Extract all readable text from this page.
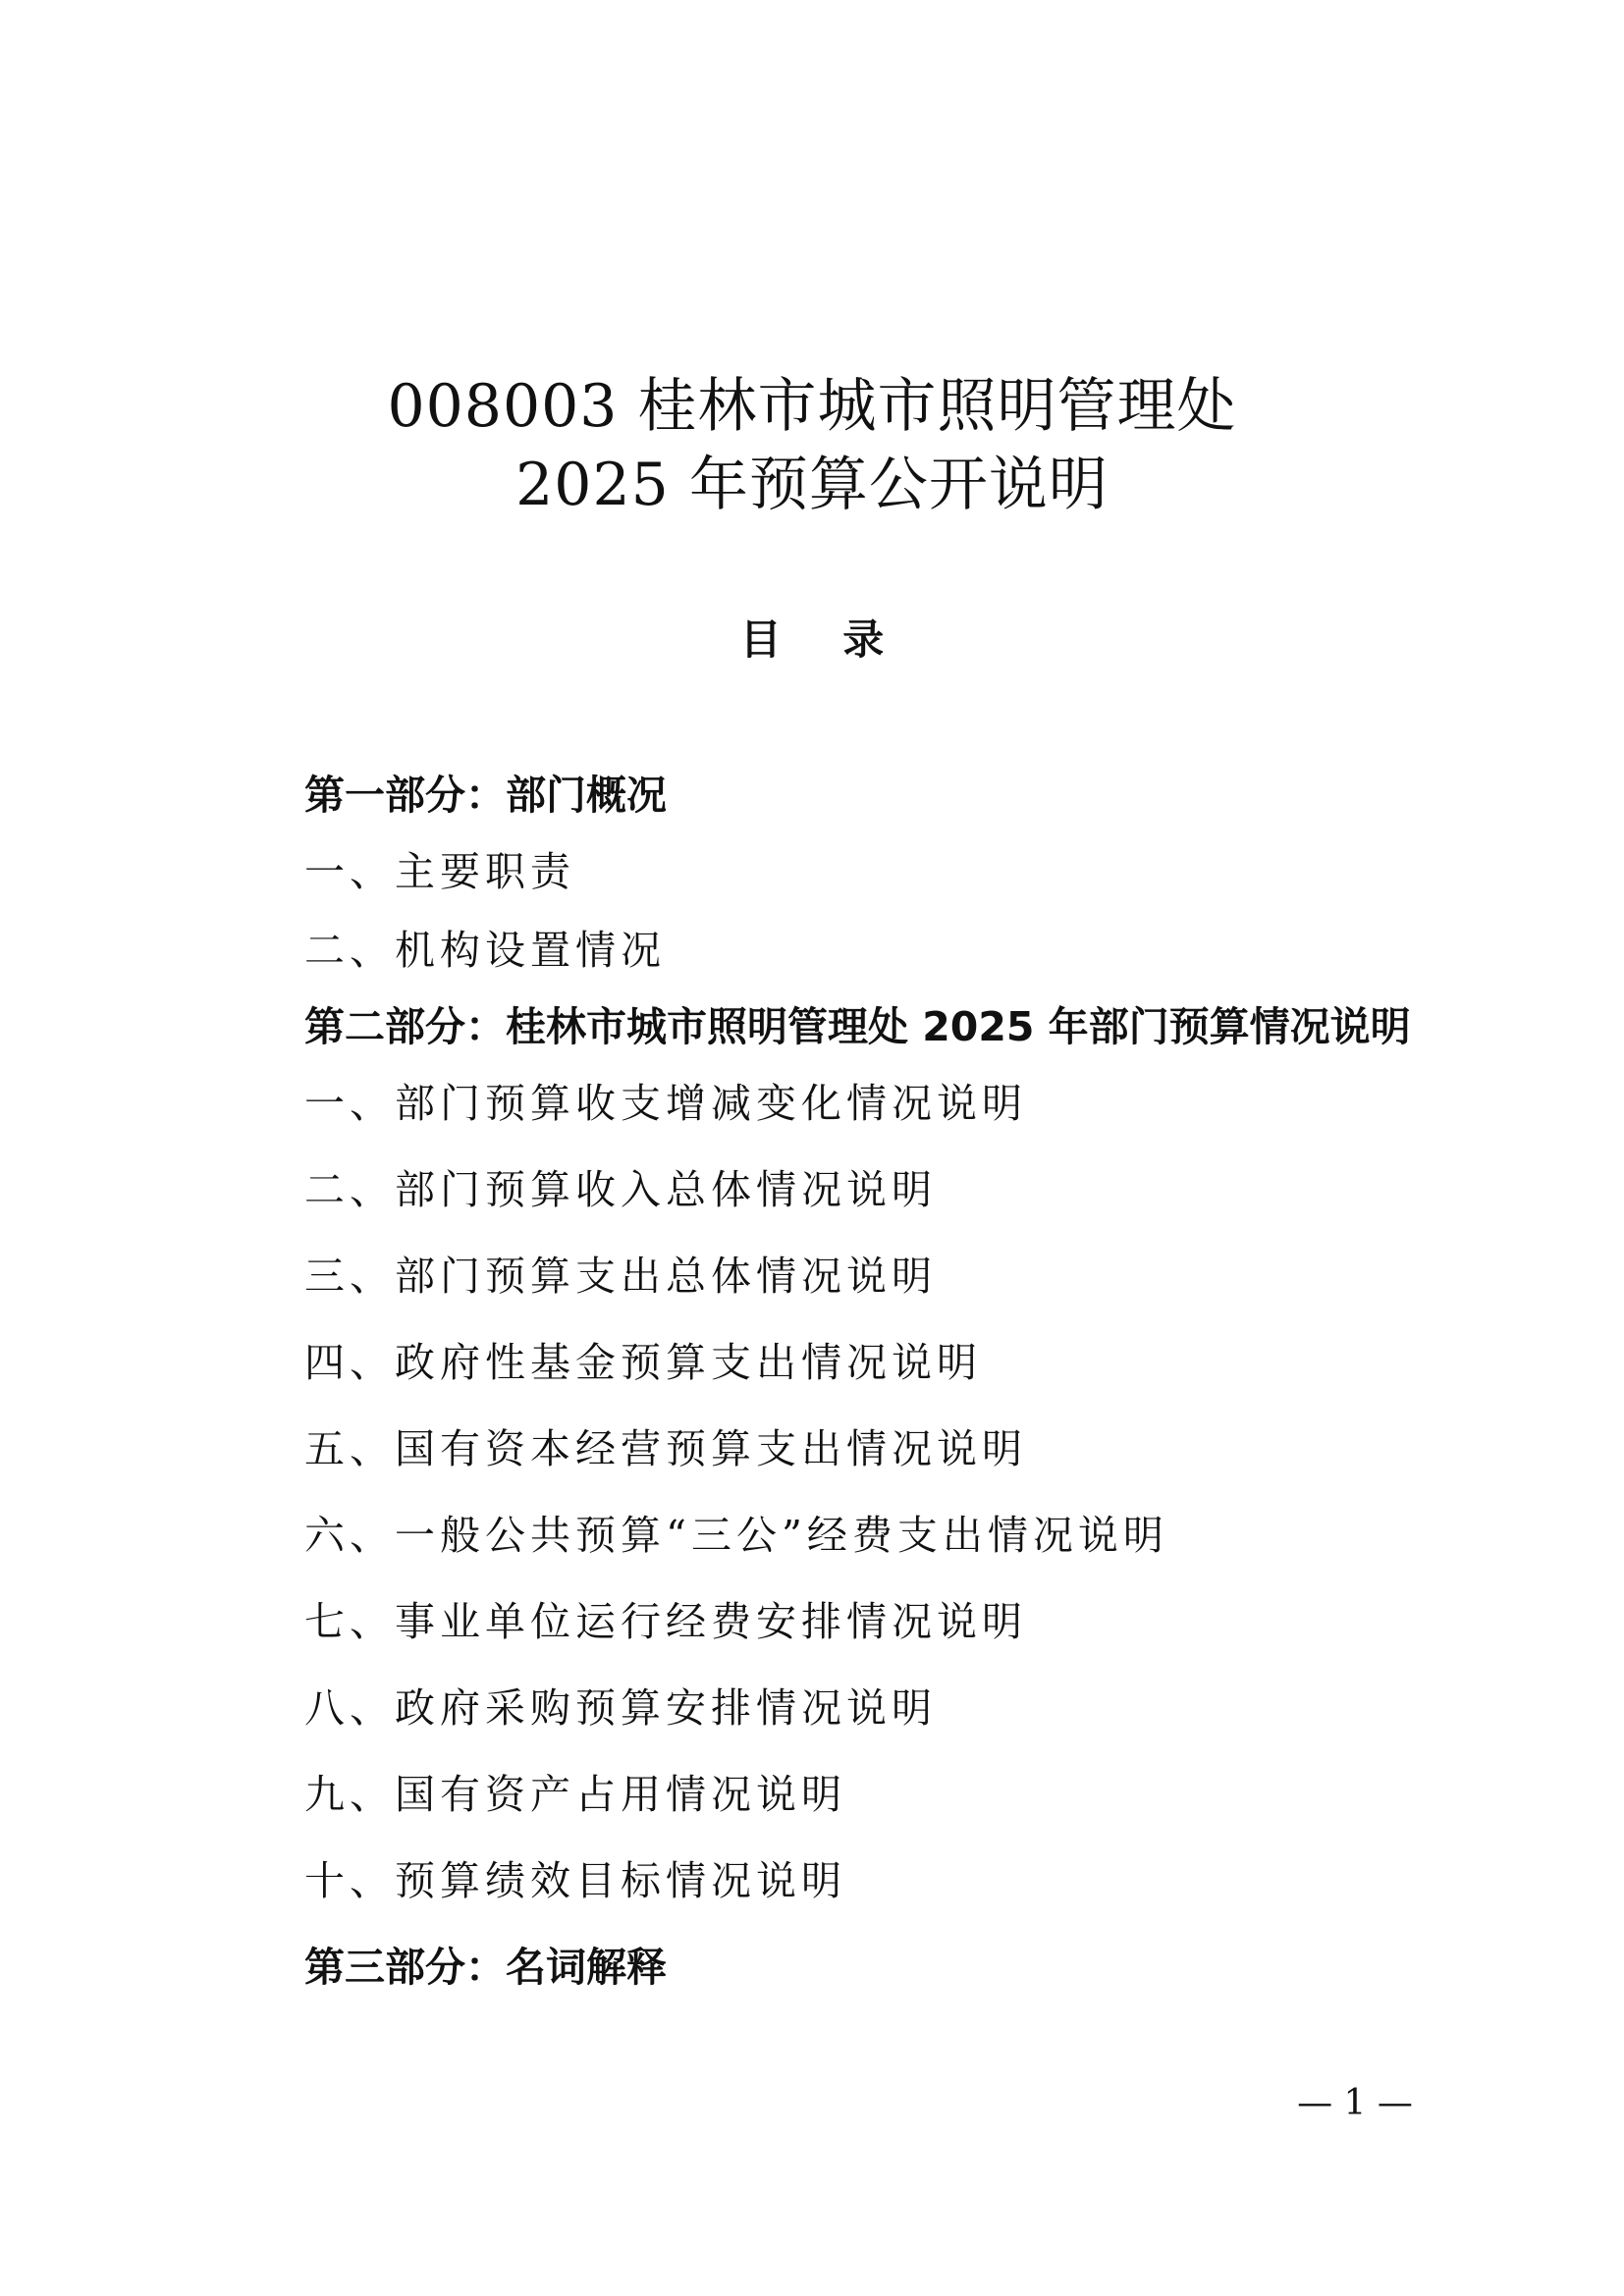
008003 桂林市城市照明管理处
2025 年预算公开说明
目 录
第一部分：部门概况
一、主要职责
二、机构设置情况
第二部分：桂林市城市照明管理处 2025 年部门预算情况说明
一、部门预算收支增减变化情况说明
二、部门预算收入总体情况说明
三、部门预算支出总体情况说明
四、政府性基金预算支出情况说明
五、国有资本经营预算支出情况说明
六、一般公共预算“三公”经费支出情况说明
七、事业单位运行经费安排情况说明
八、政府采购预算安排情况说明
九、国有资产占用情况说明
十、预算绩效目标情况说明
第三部分：名词解释
— 1 —
